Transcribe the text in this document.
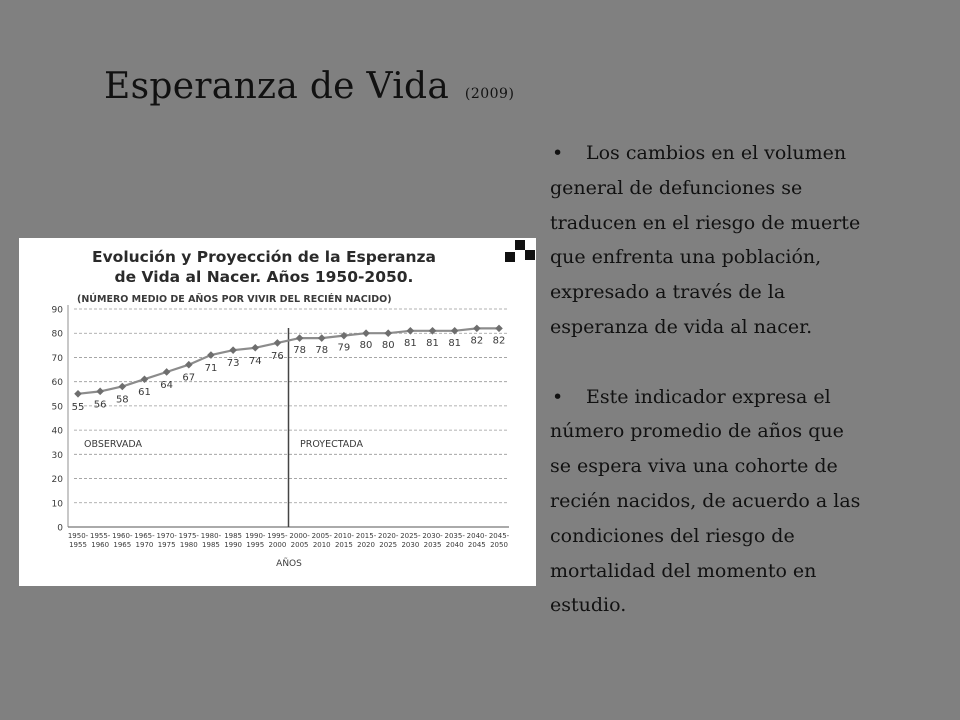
Esperanza de Vida (2009)
Evolución y Proyección de la Esperanza
de Vida al Nacer. Años 1950-2050.
(NÚMERO MEDIO DE AÑOS POR VIVIR DEL RECIÉN NACIDO)
0
10
20
30
40
50
60
70
80
90
OBSERVADA	PROYECTADA
55 56 58
61
64
67
71 73 74 76
78 78 79 80 80 81 81 81 82 82
1950-
1955
1955-
1960
1960-
1965
1965-
1970
1970-
1975
1975-
1980
1980-
1985
1985
1990
1990-
1995
1995-
2000
2000-
2005
2005-
2010
2010-
2015
2015-
2020
2020-
2025
2025-
2030
2030-
2035
2035-
2040
2040-
2045
2045-
2050
AÑOS
• Los cambios en el volumen
general de defunciones se
traducen en el riesgo de muerte
que enfrenta una población,
expresado a través de la
esperanza de vida al nacer.
• Este indicador expresa el
número promedio de años que
se espera viva una cohorte de
recién nacidos, de acuerdo a las
condiciones del riesgo de
mortalidad del momento en
estudio.
